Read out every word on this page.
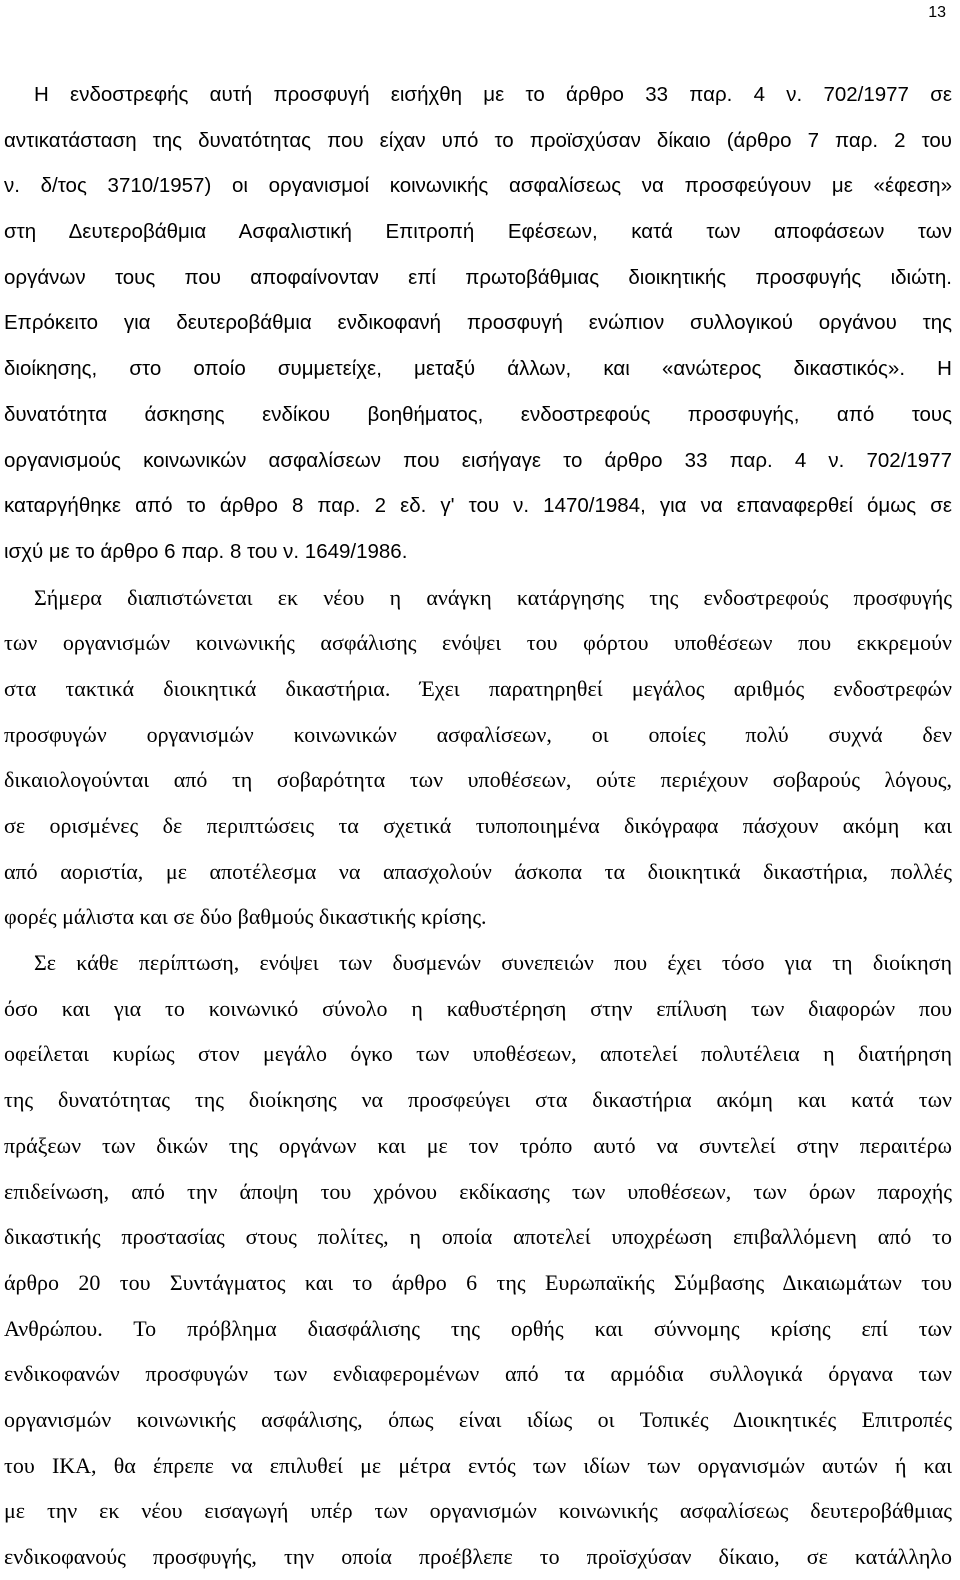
13
Η ενδοστρεφής αυτή προσφυγή εισήχθη με το άρθρο 33 παρ. 4 ν. 702/1977 σε
αντικατάσταση της δυνατότητας που είχαν υπό το προϊσχύσαν δίκαιο (άρθρο 7 παρ. 2 του
ν. δ/τος 3710/1957) οι οργανισμοί κοινωνικής ασφαλίσεως να προσφεύγουν με «έφεση»
στη Δευτεροβάθμια Ασφαλιστική Επιτροπή Εφέσεων, κατά των αποφάσεων των
οργάνων τους που αποφαίνονταν επί πρωτοβάθμιας διοικητικής προσφυγής ιδιώτη.
Επρόκειτο για δευτεροβάθμια ενδικοφανή προσφυγή ενώπιον συλλογικού οργάνου της
διοίκησης, στο οποίο συμμετείχε, μεταξύ άλλων, και «ανώτερος δικαστικός». Η
δυνατότητα άσκησης ενδίκου βοηθήματος, ενδοστρεφούς προσφυγής, από τους
οργανισμούς κοινωνικών ασφαλίσεων που εισήγαγε το άρθρο 33 παρ. 4 ν. 702/1977
καταργήθηκε από το άρθρο 8 παρ. 2 εδ. γ' του ν. 1470/1984, για να επαναφερθεί όμως σε
ισχύ με το άρθρο 6 παρ. 8 του ν. 1649/1986.
Σήμερα διαπιστώνεται εκ νέου η ανάγκη κατάργησης της ενδοστρεφούς προσφυγής
των οργανισμών κοινωνικής ασφάλισης ενόψει του φόρτου υποθέσεων που εκκρεμούν
στα τακτικά διοικητικά δικαστήρια. Έχει παρατηρηθεί μεγάλος αριθμός ενδοστρεφών
προσφυγών οργανισμών κοινωνικών ασφαλίσεων, οι οποίες πολύ συχνά δεν
δικαιολογούνται από τη σοβαρότητα των υποθέσεων, ούτε περιέχουν σοβαρούς λόγους,
σε ορισμένες δε περιπτώσεις τα σχετικά τυποποιημένα δικόγραφα πάσχουν ακόμη και
από αοριστία, με αποτέλεσμα να απασχολούν άσκοπα τα διοικητικά δικαστήρια, πολλές
φορές μάλιστα και σε δύο βαθμούς δικαστικής κρίσης.
Σε κάθε περίπτωση, ενόψει των δυσμενών συνεπειών που έχει τόσο για τη διοίκηση
όσο και για το κοινωνικό σύνολο η καθυστέρηση στην επίλυση των διαφορών που
οφείλεται κυρίως στον μεγάλο όγκο των υποθέσεων, αποτελεί πολυτέλεια η διατήρηση
της δυνατότητας της διοίκησης να προσφεύγει στα δικαστήρια ακόμη και κατά των
πράξεων των δικών της οργάνων και με τον τρόπο αυτό να συντελεί στην περαιτέρω
επιδείνωση, από την άποψη του χρόνου εκδίκασης των υποθέσεων, των όρων παροχής
δικαστικής προστασίας στους πολίτες, η οποία αποτελεί υποχρέωση επιβαλλόμενη από το
άρθρο 20 του Συντάγματος και το άρθρο 6 της Ευρωπαϊκής Σύμβασης Δικαιωμάτων του
Ανθρώπου. Το πρόβλημα διασφάλισης της ορθής και σύννομης κρίσης επί των
ενδικοφανών προσφυγών των ενδιαφερομένων από τα αρμόδια συλλογικά όργανα των
οργανισμών κοινωνικής ασφάλισης, όπως είναι ιδίως οι Τοπικές Διοικητικές Επιτροπές
του ΙΚΑ, θα έπρεπε να επιλυθεί με μέτρα εντός των ιδίων των οργανισμών αυτών ή και
με την εκ νέου εισαγωγή υπέρ των οργανισμών κοινωνικής ασφαλίσεως δευτεροβάθμιας
ενδικοφανούς προσφυγής, την οποία προέβλεπε το προϊσχύσαν δίκαιο, σε κατάλληλο
